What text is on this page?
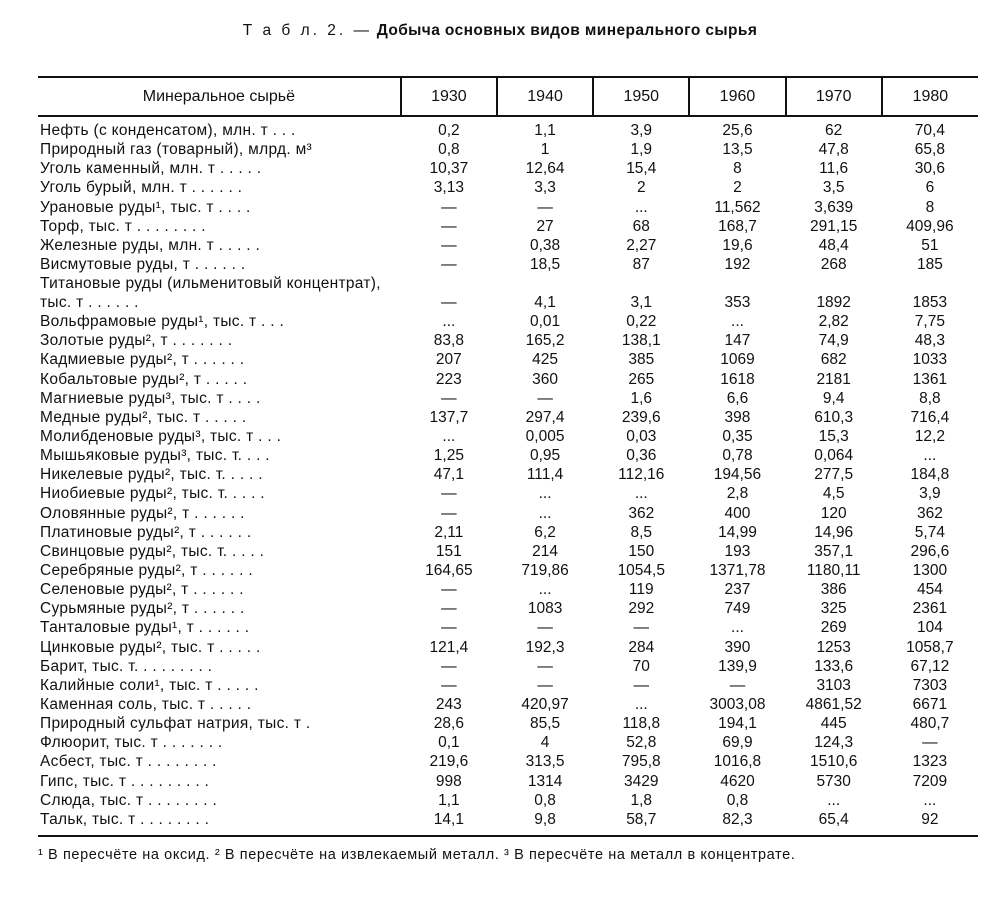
Т а б л. 2. — Добыча основных видов минерального сырья
Минеральное сырьё	1930	1940	1950	1960	1970	1980
Нефть (с конденсатом), млн. т . . .	0,2	1,1	3,9	25,6	62	70,4
Природный газ (товарный), млрд. м³	0,8	1	1,9	13,5	47,8	65,8
Уголь каменный, млн. т . . . . .	10,37	12,64	15,4	8	11,6	30,6
Уголь бурый, млн. т . . . . . .	3,13	3,3	2	2	3,5	6
Урановые руды¹, тыс. т . . . .	—	—	...	11,562	3,639	8
Торф, тыс. т . . . . . . . .	—	27	68	168,7	291,15	409,96
Железные руды, млн. т . . . . .	—	0,38	2,27	19,6	48,4	51
Висмутовые руды, т . . . . . .	—	18,5	87	192	268	185
Титановые руды (ильменитовый концентрат), тыс. т . . . . . .	—	4,1	3,1	353	1892	1853
Вольфрамовые руды¹, тыс. т . . .	...	0,01	0,22	...	2,82	7,75
Золотые руды², т . . . . . . .	83,8	165,2	138,1	147	74,9	48,3
Кадмиевые руды², т . . . . . .	207	425	385	1069	682	1033
Кобальтовые руды², т . . . . .	223	360	265	1618	2181	1361
Магниевые руды³, тыс. т . . . .	—	—	1,6	6,6	9,4	8,8
Медные руды², тыс. т . . . . .	137,7	297,4	239,6	398	610,3	716,4
Молибденовые руды³, тыс. т . . .	...	0,005	0,03	0,35	15,3	12,2
Мышьяковые руды³, тыс. т. . . .	1,25	0,95	0,36	0,78	0,064	...
Никелевые руды², тыс. т. . . . .	47,1	111,4	112,16	194,56	277,5	184,8
Ниобиевые руды², тыс. т. . . . .	—	...	...	2,8	4,5	3,9
Оловянные руды², т . . . . . .	—	...	362	400	120	362
Платиновые руды², т . . . . . .	2,11	6,2	8,5	14,99	14,96	5,74
Свинцовые руды², тыс. т. . . . .	151	214	150	193	357,1	296,6
Серебряные руды², т . . . . . .	164,65	719,86	1054,5	1371,78	1180,11	1300
Селеновые руды², т . . . . . .	—	...	119	237	386	454
Сурьмяные руды², т . . . . . .	—	1083	292	749	325	2361
Танталовые руды¹, т . . . . . .	—	—	—	...	269	104
Цинковые руды², тыс. т . . . . .	121,4	192,3	284	390	1253	1058,7
Барит, тыс. т. . . . . . . . .	—	—	70	139,9	133,6	67,12
Калийные соли¹, тыс. т . . . . .	—	—	—	—	3103	7303
Каменная соль, тыс. т . . . . .	243	420,97	...	3003,08	4861,52	6671
Природный сульфат натрия, тыс. т .	28,6	85,5	118,8	194,1	445	480,7
Флюорит, тыс. т . . . . . . .	0,1	4	52,8	69,9	124,3	—
Асбест, тыс. т . . . . . . . .	219,6	313,5	795,8	1016,8	1510,6	1323
Гипс, тыс. т . . . . . . . . .	998	1314	3429	4620	5730	7209
Слюда, тыс. т . . . . . . . .	1,1	0,8	1,8	0,8	...	...
Тальк, тыс. т . . . . . . . .	14,1	9,8	58,7	82,3	65,4	92
¹ В пересчёте на оксид. ² В пересчёте на извлекаемый металл. ³ В пересчёте на металл в концентрате.
